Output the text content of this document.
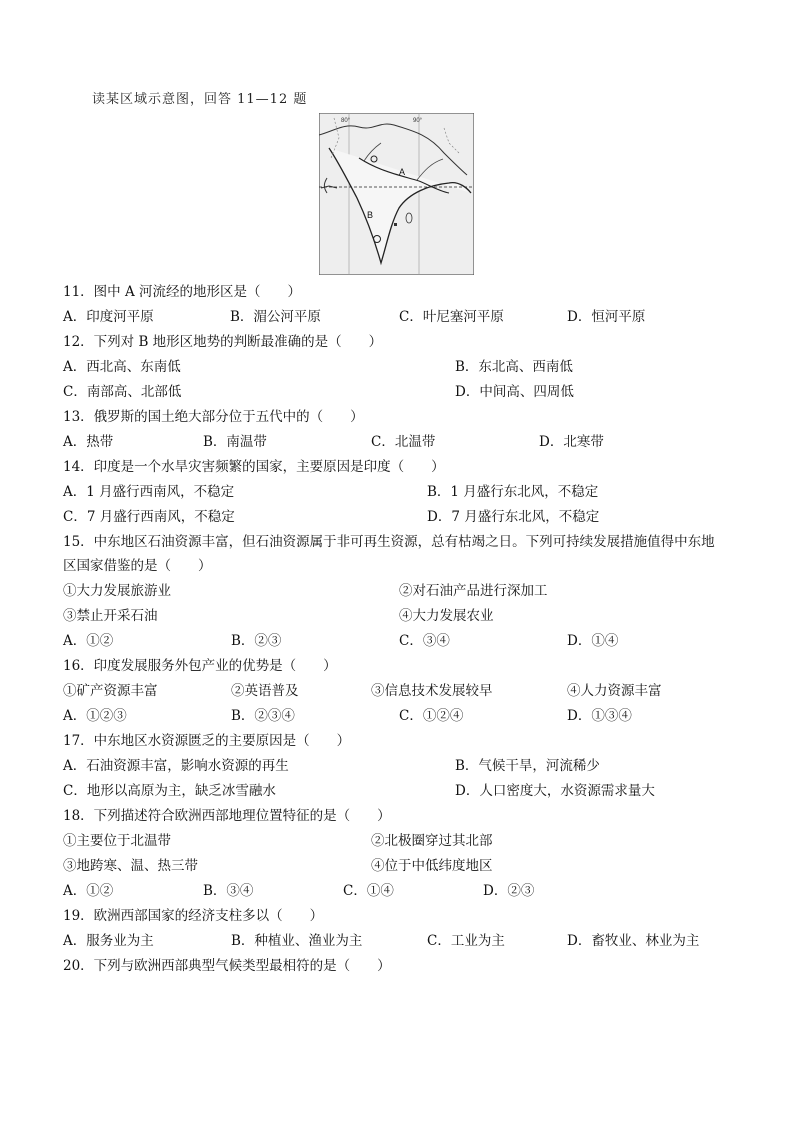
读某区域示意图，回答 11—12 题
A
B
80°	90°
11．图中 A 河流经的地形区是（　　）
A．印度河平原	B．湄公河平原	C．叶尼塞河平原	D．恒河平原
12．下列对 B 地形区地势的判断最准确的是（　　）
A．西北高、东南低	B．东北高、西南低
C．南部高、北部低	D．中间高、四周低
13．俄罗斯的国土绝大部分位于五代中的（　　）
A．热带	B．南温带	C．北温带	D．北寒带
14．印度是一个水旱灾害频繁的国家，主要原因是印度（　　）
A．1 月盛行西南风，不稳定	B．1 月盛行东北风，不稳定
C．7 月盛行西南风，不稳定	D．7 月盛行东北风，不稳定
15．中东地区石油资源丰富，但石油资源属于非可再生资源，总有枯竭之日。下列可持续发展措施值得中东地
区国家借鉴的是（　　）
①大力发展旅游业	②对石油产品进行深加工
③禁止开采石油	④大力发展农业
A．①②	B．②③	C．③④	D．①④
16．印度发展服务外包产业的优势是（　　）
①矿产资源丰富	②英语普及	③信息技术发展较早	④人力资源丰富
A．①②③	B．②③④	C．①②④	D．①③④
17．中东地区水资源匮乏的主要原因是（　　）
A．石油资源丰富，影响水资源的再生	B．气候干旱，河流稀少
C．地形以高原为主，缺乏冰雪融水	D．人口密度大，水资源需求量大
18．下列描述符合欧洲西部地理位置特征的是（　　）
①主要位于北温带	②北极圈穿过其北部
③地跨寒、温、热三带	④位于中低纬度地区
A．①②	B．③④	C．①④	D．②③
19．欧洲西部国家的经济支柱多以（　　）
A．服务业为主	B．种植业、渔业为主	C．工业为主	D．畜牧业、林业为主
20．下列与欧洲西部典型气候类型最相符的是（　　）
